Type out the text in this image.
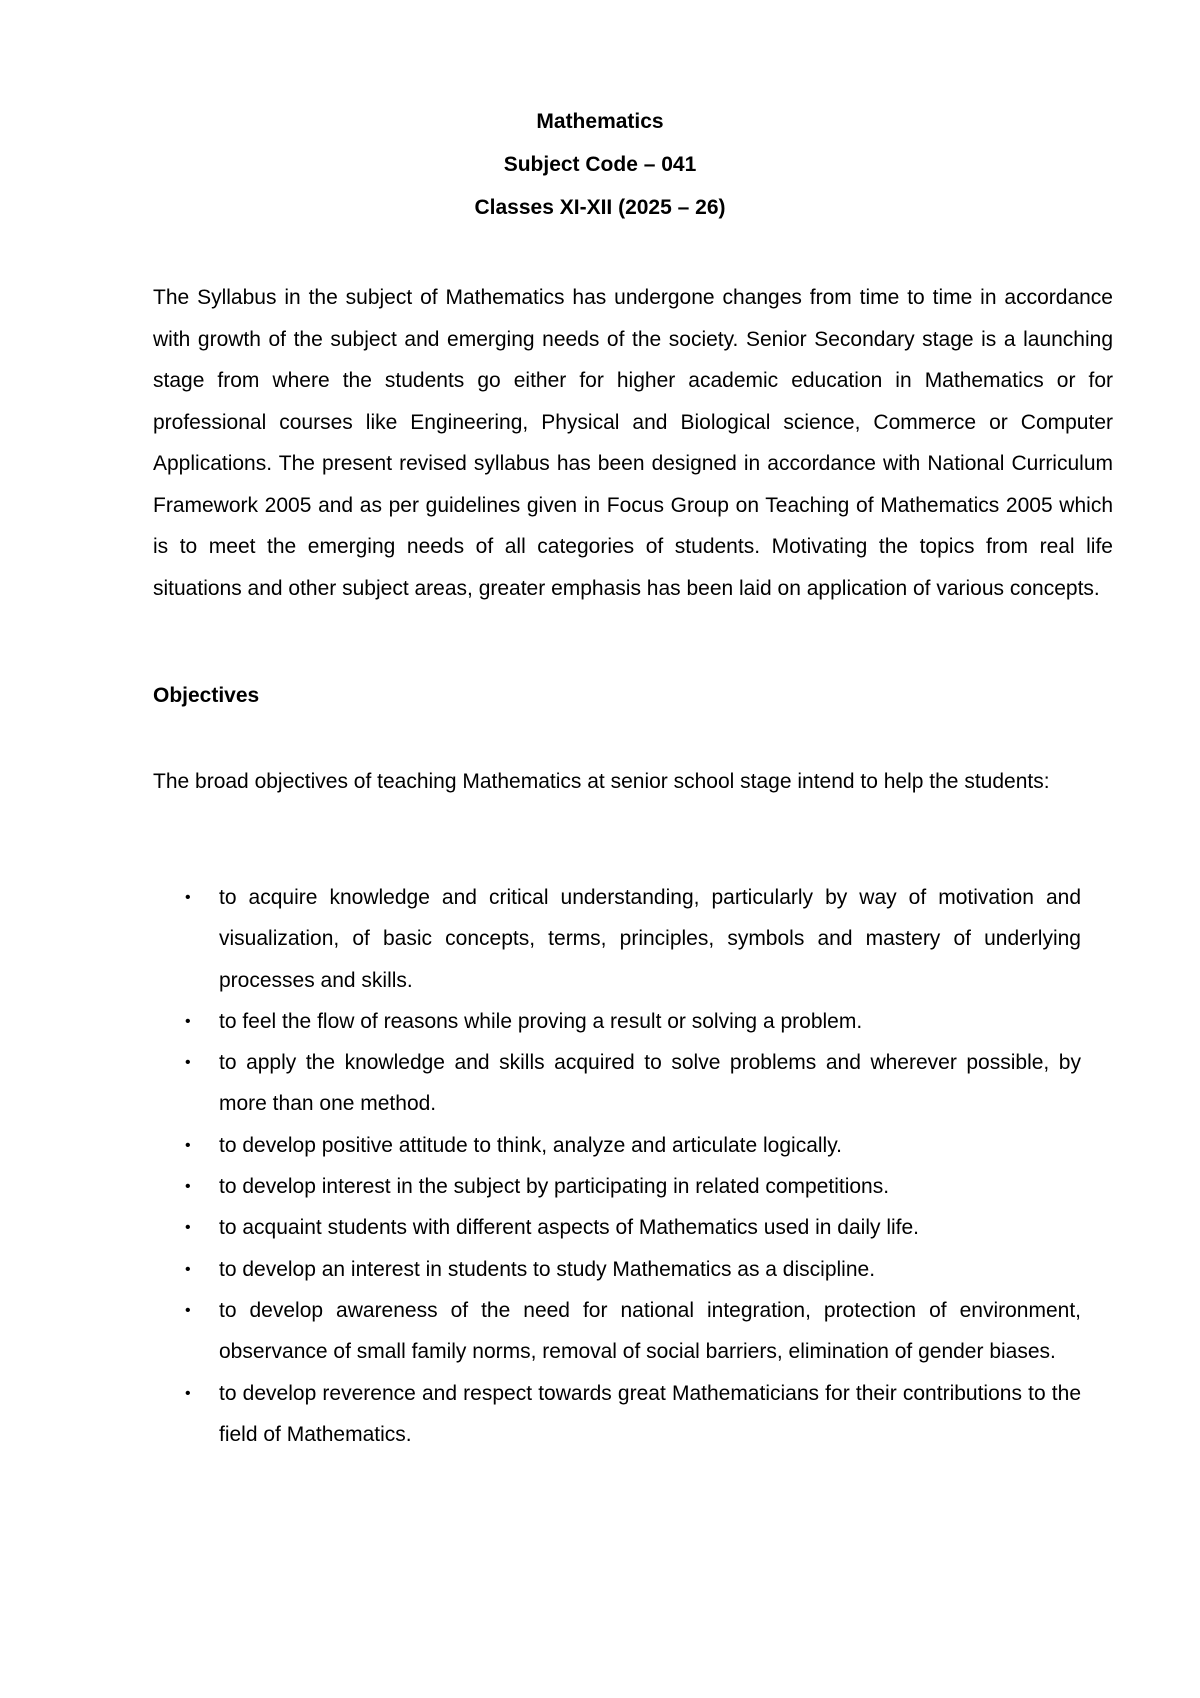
Mathematics
Subject Code – 041
Classes XI-XII (2025 – 26)

The Syllabus in the subject of Mathematics has undergone changes from time to time in accordance with growth of the subject and emerging needs of the society. Senior Secondary stage is a launching stage from where the students go either for higher academic education in Mathematics or for professional courses like Engineering, Physical and Biological science, Commerce or Computer Applications. The present revised syllabus has been designed in accordance with National Curriculum Framework 2005 and as per guidelines given in Focus Group on Teaching of Mathematics 2005 which is to meet the emerging needs of all categories of students. Motivating the topics from real life situations and other subject areas, greater emphasis has been laid on application of various concepts.

Objectives

The broad objectives of teaching Mathematics at senior school stage intend to help the students:

• to acquire knowledge and critical understanding, particularly by way of motivation and visualization, of basic concepts, terms, principles, symbols and mastery of underlying processes and skills.
• to feel the flow of reasons while proving a result or solving a problem.
• to apply the knowledge and skills acquired to solve problems and wherever possible, by more than one method.
• to develop positive attitude to think, analyze and articulate logically.
• to develop interest in the subject by participating in related competitions.
• to acquaint students with different aspects of Mathematics used in daily life.
• to develop an interest in students to study Mathematics as a discipline.
• to develop awareness of the need for national integration, protection of environment, observance of small family norms, removal of social barriers, elimination of gender biases.
• to develop reverence and respect towards great Mathematicians for their contributions to the field of Mathematics.
